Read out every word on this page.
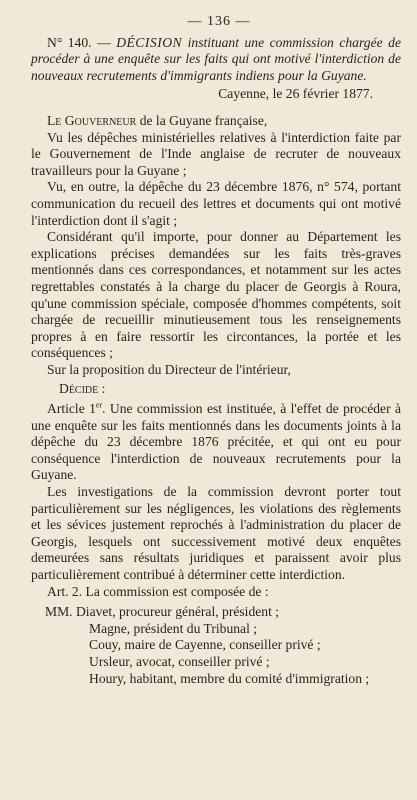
— 136 —

N° 140. — DÉCISION instituant une commission chargée de procéder à une enquête sur les faits qui ont motivé l'interdiction de nouveaux recrutements d'immigrants indiens pour la Guyane.

Cayenne, le 26 février 1877.

Le Gouverneur de la Guyane française,

Vu les dépêches ministérielles relatives à l'interdiction faite par le Gouvernement de l'Inde anglaise de recruter de nouveaux travailleurs pour la Guyane ;

Vu, en outre, la dépêche du 23 décembre 1876, n° 574, portant communication du recueil des lettres et documents qui ont motivé l'interdiction dont il s'agit ;

Considérant qu'il importe, pour donner au Département les explications précises demandées sur les faits très-graves mentionnés dans ces correspondances, et notamment sur les actes regrettables constatés à la charge du placer de Georgis à Roura, qu'une commission spéciale, composée d'hommes compétents, soit chargée de recueillir minutieusement tous les renseignements propres à en faire ressortir les circontances, la portée et les conséquences ;

Sur la proposition du Directeur de l'intérieur,

Décide :

Article 1er. Une commission est instituée, à l'effet de procéder à une enquête sur les faits mentionnés dans les documents joints à la dépêche du 23 décembre 1876 précitée, et qui ont eu pour conséquence l'interdiction de nouveaux recrutements pour la Guyane.

Les investigations de la commission devront porter tout particulièrement sur les négligences, les violations des règlements et les sévices justement reprochés à l'administration du placer de Georgis, lesquels ont successivement motivé deux enquêtes demeurées sans résultats juridiques et paraissent avoir plus particulièrement contribué à déterminer cette interdiction.

Art. 2. La commission est composée de :

MM. Diavet, procureur général, président ;

Magne, président du Tribunal ;

Couy, maire de Cayenne, conseiller privé ;

Ursleur, avocat, conseiller privé ;

Houry, habitant, membre du comité d'immigration ;
